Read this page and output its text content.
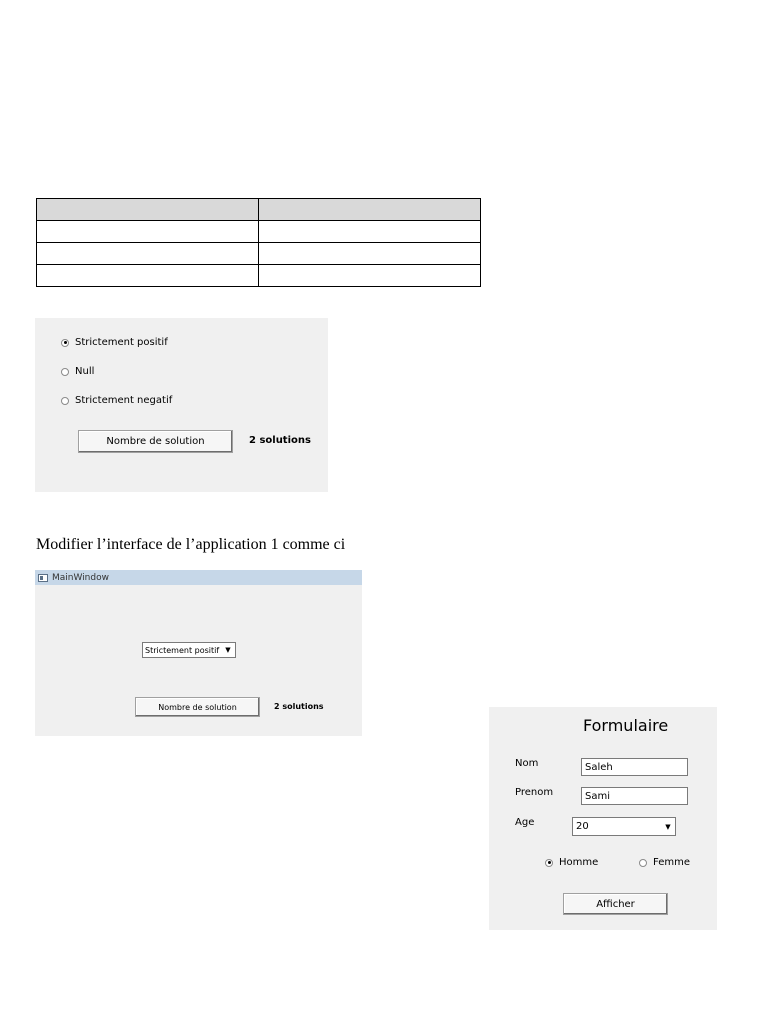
Strictement positif
Null
Strictement negatif
Nombre de solution	2 solutions
Modifier l’interface de l’application 1 comme ci
MainWindow
Strictement positif ▼
Nombre de solution	2 solutions
Formulaire
Nom	Saleh
Prenom	Sami
Age	20	▼
Homme	Femme
Afficher
